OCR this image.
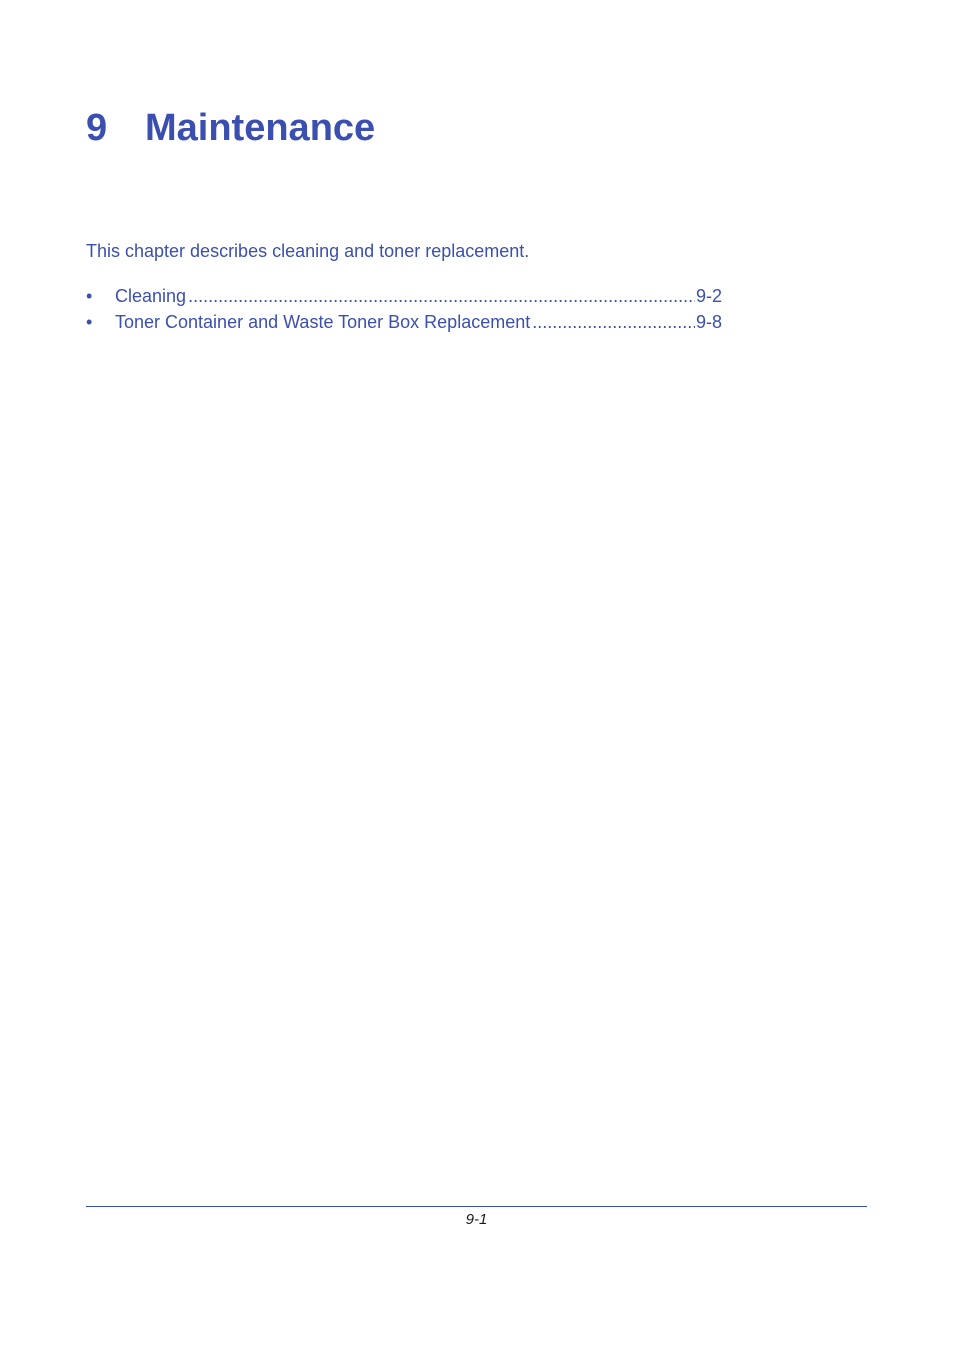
9 Maintenance

This chapter describes cleaning and toner replacement.

•	Cleaning .....	9-2
•	Toner Container and Waste Toner Box Replacement .....	9-8
9-1
